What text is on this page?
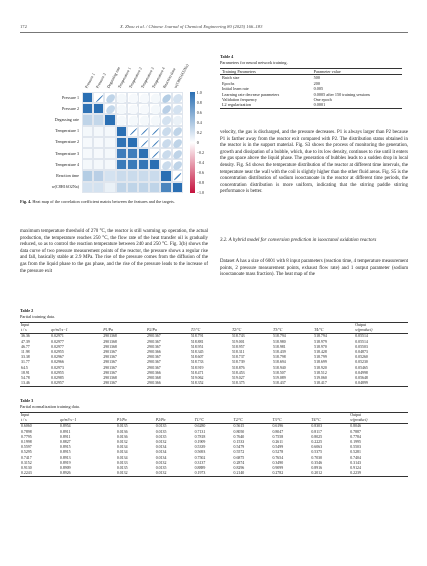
172	X. Zhou et al. / Chinese Journal of Chemical Engineering 80 (2025) 166–183
Pressure 1 Pressure 2 Degassing rate
Temperature 1
Temperature 2
Temperature 3
Temperature 4
Reaction time
w(C8H16O2Na)
Pressure 1
Pressure 2
Degassing rate
Temperature 1
Temperature 2
Temperature 3
Temperature 4
Reaction time
w(C8H16O2Na)
1.0
0.8
0.6
0.4
0.2
0
−0.2
−0.4
−0.6
−0.8
−1.0

Fig. 4. Heat map of the correlation coefficient matrix between the features and the targets.

maximum temperature threshold of 270 °C, the reactor is still warming up operation, the actual production, the temperature reaches 250 °C, the flow rate of the heat transfer oil is gradually reduced, so as to control the reaction temperature between 240 and 250 °C. Fig. 3(b) shows the data curve of two pressure measurement points of the reactor, the pressure shows a regular rise and fall, basically stable at 2.9 MPa. The rise of the pressure comes from the diffusion of the gas from the liquid phase to the gas phase, and the rise of the pressure leads to the increase of the pressure exit

Table 4
Parameters for neural network training.
Training Parameters	Parameter value
Batch size	500
Epochs	200
Initial learn rate	0.005
Learning rate decrease parameters	0.0005 after 150 training sessions
Validation frequency	One epoch
L2 regularization	0.0001

velocity, the gas is discharged, and the pressure decreases. P1 is always larger than P2 because P1 is farther away from the reactor exit compared with P2. The distribution status obtained in the reactor is in the support material. Fig. S3 shows the process of monitoring the generation, growth and dissipation of a bubble, which, due to its low density, continues to rise until it enters the gas space above the liquid phase. The generation of bubbles leads to a sudden drop in local density. Fig. S4 shows the temperature distribution of the reactor at different time intervals, the temperature near the wall with the coil is slightly higher than the other fluid areas. Fig. S5 is the concentration distribution of sodium isooctanoate in the reactor at different time periods, the concentration distribution is more uniform, indicating that the stirring paddle stirring performance is better.

3.2. A hybrid model for conversion prediction in isooctanol oxidation reactors

Dataset A has a size of 6001 with 8 input parameters (reaction time, 4 temperature measurement points, 2 pressure measurement points, exhaust flow rate) and 1 output parameter (sodium isooctanoate mass fraction). The heat map of the

Table 2
Partial training data.
Input								Output
t / s	qv/m3·s−1	P1/Pa	P2/Pa	T1/°C	T2/°C	T3/°C	T4/°C	w(product)
36.36	0.02971	2901368	2901367	518.791	518.743	518.794	518.794	0.05514
47.39	0.02977	2901368	2901367	518.881	519.001	518.980	518.979	0.05514
46.77	0.02977	2901368	2901367	518.951	518.957	518.981	518.970	0.05503
11.98	0.02955	2901367	2901366	518.345	518.311	518.439	518.428	0.04873
33.38	0.02967	2901367	2901367	518.607	518.737	518.798	518.799	0.05260
31.77	0.02966	2901367	2901367	518.733	518.739	518.694	518.699	0.05230
64.5	0.02973	2901367	2901367	518.919	518.876	518.940	518.920	0.05465
18.91	0.02955	2901367	2901366	518.471	518.453	518.507	518.512	0.04998
54.78	0.02985	2901368	2901368	519.062	519.027	519.089	519.060	0.05648
13.46	0.02957	2901367	2901366	518.352	518.375	518.437	518.417	0.04899
Table 3
Partial normalization training data.
Input								Output
t / s	qv/m3·s−1	P1/Pa	P2/Pa	T1/°C	T2/°C	T3/°C	T4/°C	w(product)
0.6060	0.8954	0.0135	0.0135	0.6280	0.5615	0.6196	0.8303	0.8046
0.7898	0.8911	0.0136	0.0135	0.7131	0.8050	0.8047	0.8117	0.7887
0.7795	0.8911	0.0136	0.0135	0.7818	0.7640	0.7558	0.8025	0.7784
0.1998	0.8827	0.0132	0.0132	0.1909	0.1533	0.2611	0.2225	0.1995
0.5597	0.8915	0.0134	0.0134	0.5339	0.5479	0.5499	0.6063	0.5503
0.5295	0.8915	0.0134	0.0134	0.5693	0.5572	0.5278	0.5375	0.5281
0.7417	0.8913	0.0134	0.0134	0.7502	0.6875	0.7654	0.7030	0.7404
0.3152	0.8919	0.0133	0.0132	0.3137	0.2874	0.3490	0.3546	0.3143
0.9130	0.8909	0.0135	0.0135	0.8889	0.8296	0.9099	0.8916	0.9124
0.2243	0.8926	0.0132	0.0132	0.1973	0.2140	0.2782	0.2012	0.2239
